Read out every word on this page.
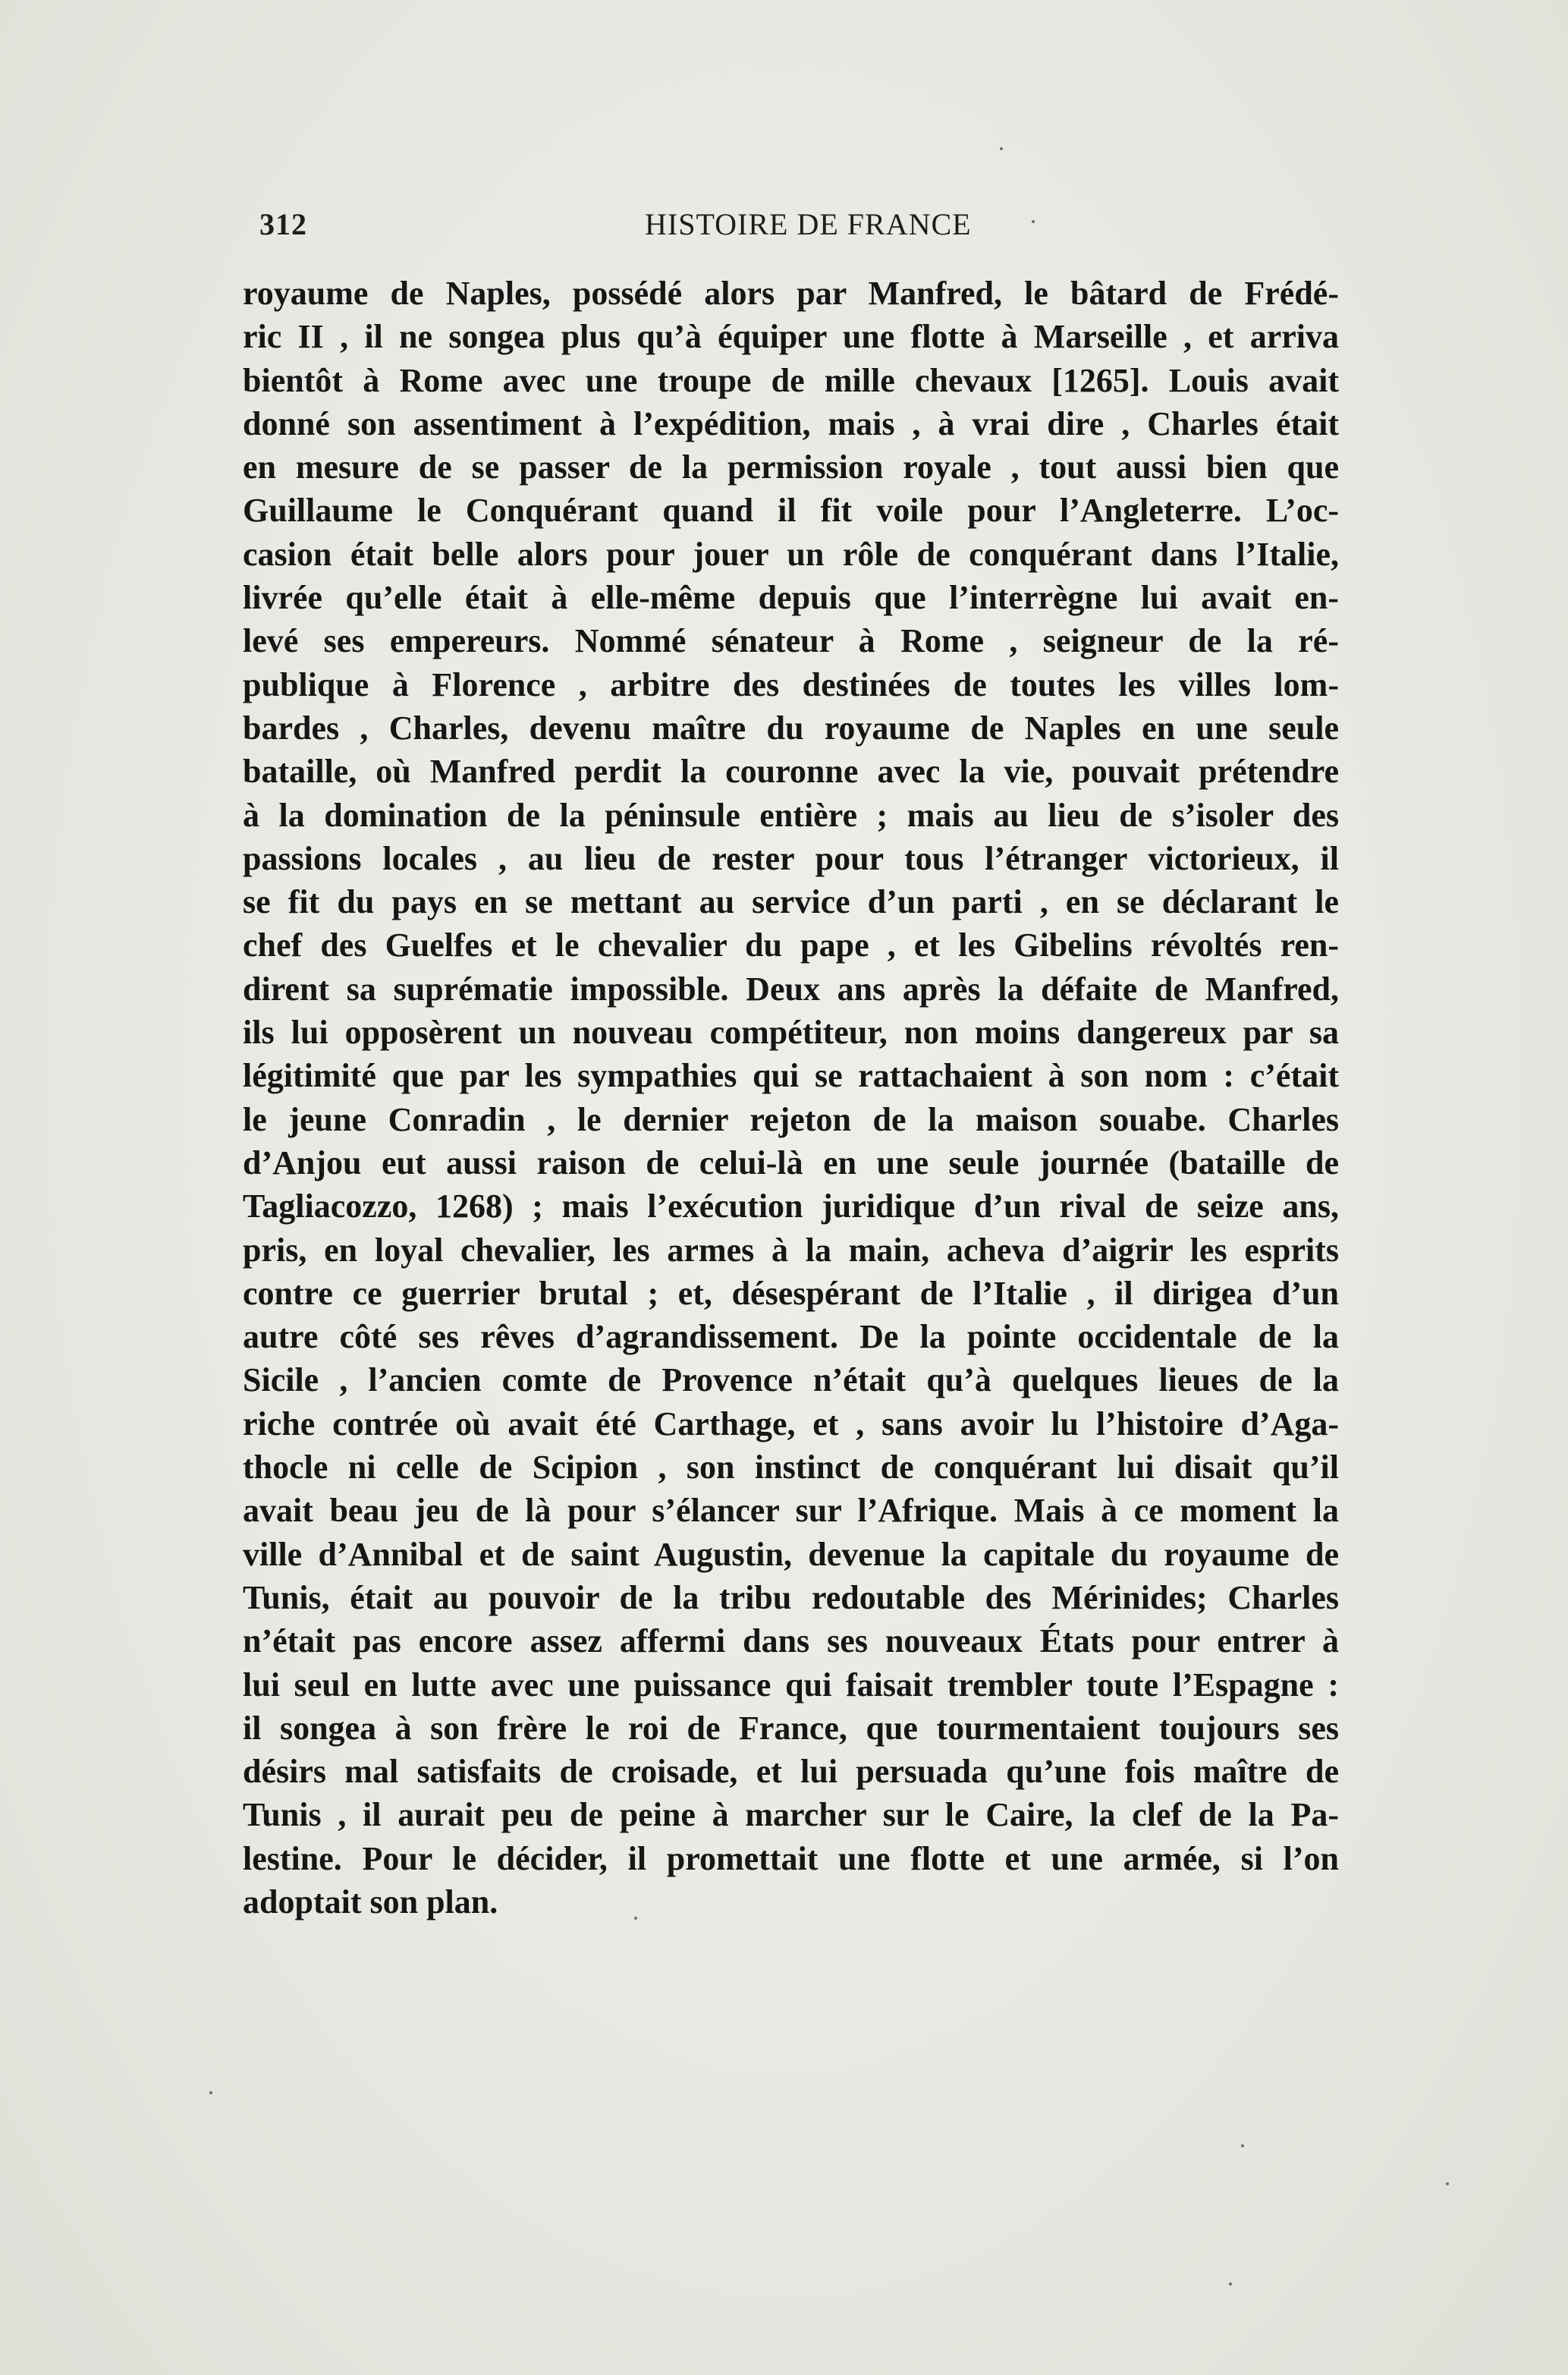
312	HISTOIRE DE FRANCE
royaume de Naples, possédé alors par Manfred, le bâtard de Frédé-
ric II , il ne songea plus qu’à équiper une flotte à Marseille , et arriva
bientôt à Rome avec une troupe de mille chevaux [1265]. Louis avait
donné son assentiment à l’expédition, mais , à vrai dire , Charles était
en mesure de se passer de la permission royale , tout aussi bien que
Guillaume le Conquérant quand il fit voile pour l’Angleterre. L’oc-
casion était belle alors pour jouer un rôle de conquérant dans l’Italie,
livrée qu’elle était à elle-même depuis que l’interrègne lui avait en-
levé ses empereurs. Nommé sénateur à Rome , seigneur de la ré-
publique à Florence , arbitre des destinées de toutes les villes lom-
bardes , Charles, devenu maître du royaume de Naples en une seule
bataille, où Manfred perdit la couronne avec la vie, pouvait prétendre
à la domination de la péninsule entière ; mais au lieu de s’isoler des
passions locales , au lieu de rester pour tous l’étranger victorieux, il
se fit du pays en se mettant au service d’un parti , en se déclarant le
chef des Guelfes et le chevalier du pape , et les Gibelins révoltés ren-
dirent sa suprématie impossible. Deux ans après la défaite de Manfred,
ils lui opposèrent un nouveau compétiteur, non moins dangereux par sa
légitimité que par les sympathies qui se rattachaient à son nom : c’était
le jeune Conradin , le dernier rejeton de la maison souabe. Charles
d’Anjou eut aussi raison de celui-là en une seule journée (bataille de
Tagliacozzo, 1268) ; mais l’exécution juridique d’un rival de seize ans,
pris, en loyal chevalier, les armes à la main, acheva d’aigrir les esprits
contre ce guerrier brutal ; et, désespérant de l’Italie , il dirigea d’un
autre côté ses rêves d’agrandissement. De la pointe occidentale de la
Sicile , l’ancien comte de Provence n’était qu’à quelques lieues de la
riche contrée où avait été Carthage, et , sans avoir lu l’histoire d’Aga-
thocle ni celle de Scipion , son instinct de conquérant lui disait qu’il
avait beau jeu de là pour s’élancer sur l’Afrique. Mais à ce moment la
ville d’Annibal et de saint Augustin, devenue la capitale du royaume de
Tunis, était au pouvoir de la tribu redoutable des Mérinides; Charles
n’était pas encore assez affermi dans ses nouveaux États pour entrer à
lui seul en lutte avec une puissance qui faisait trembler toute l’Espagne :
il songea à son frère le roi de France, que tourmentaient toujours ses
désirs mal satisfaits de croisade, et lui persuada qu’une fois maître de
Tunis , il aurait peu de peine à marcher sur le Caire, la clef de la Pa-
lestine. Pour le décider, il promettait une flotte et une armée, si l’on
adoptait son plan.
